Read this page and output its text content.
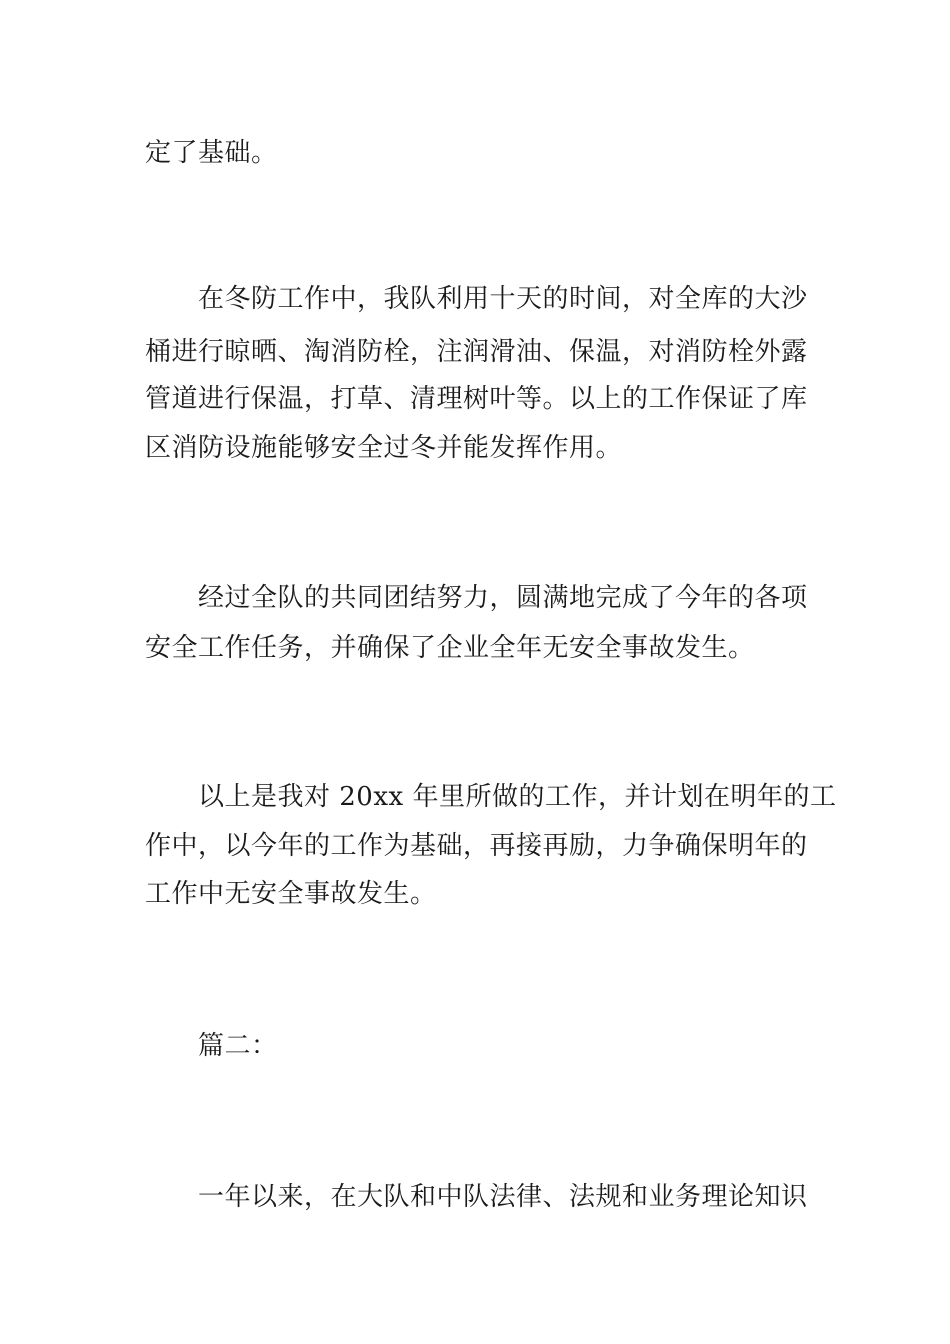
定了基础。
在冬防工作中，我队利用十天的时间，对全库的大沙
桶进行晾晒、淘消防栓，注润滑油、保温，对消防栓外露
管道进行保温，打草、清理树叶等。以上的工作保证了库
区消防设施能够安全过冬并能发挥作用。
经过全队的共同团结努力，圆满地完成了今年的各项
安全工作任务，并确保了企业全年无安全事故发生。
以上是我对 20xx 年里所做的工作，并计划在明年的工
作中，以今年的工作为基础，再接再励，力争确保明年的
工作中无安全事故发生。
篇二：
一年以来，在大队和中队法律、法规和业务理论知识
